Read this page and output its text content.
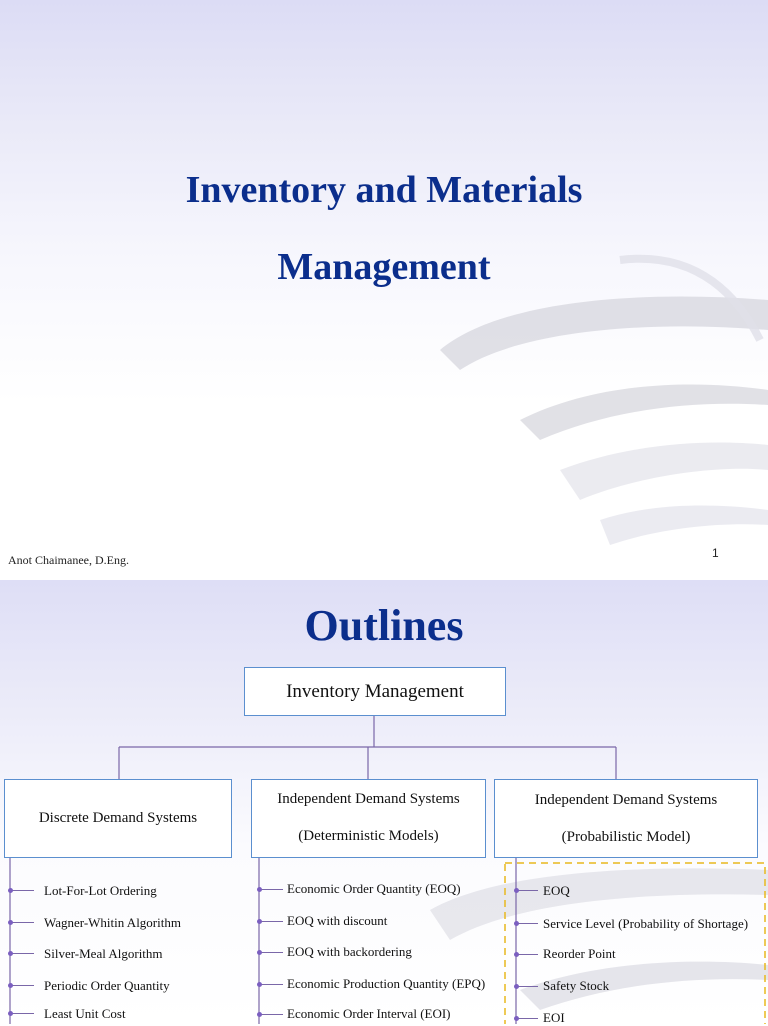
Inventory and Materials
Management
Anot Chaimanee, D.Eng.	1
Outlines
Inventory Management
Discrete Demand Systems
Independent Demand Systems
(Deterministic Models)
Independent Demand Systems
(Probabilistic Model)
Lot-For-Lot Ordering
Wagner-Whitin Algorithm
Silver-Meal Algorithm
Periodic Order Quantity
Least Unit Cost
Economic Order Quantity (EOQ)
EOQ with discount
EOQ with backordering
Economic Production Quantity (EPQ)
Economic Order Interval (EOI)
EOQ
Service Level (Probability of Shortage)
Reorder Point
Safety Stock
EOI
